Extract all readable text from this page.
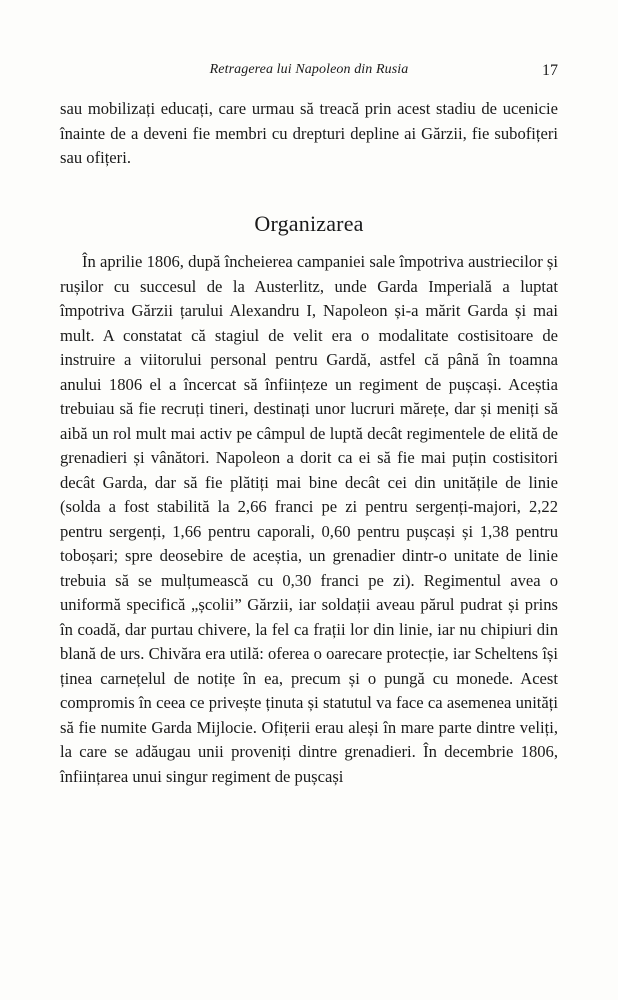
Retragerea lui Napoleon din Rusia	17

sau mobilizați educați, care urmau să treacă prin acest stadiu de ucenicie înainte de a deveni fie membri cu drepturi depline ai Gărzii, fie subofițeri sau ofițeri.

Organizarea

În aprilie 1806, după încheierea campaniei sale împotriva austriecilor și rușilor cu succesul de la Austerlitz, unde Garda Imperială a luptat împotriva Gărzii țarului Alexandru I, Napoleon și-a mărit Garda și mai mult. A constatat că stagiul de velit era o modalitate costisitoare de instruire a viitorului personal pentru Gardă, astfel că până în toamna anului 1806 el a încercat să înființeze un regiment de pușcași. Aceștia trebuiau să fie recruți tineri, destinați unor lucruri mărețe, dar și meniți să aibă un rol mult mai activ pe câmpul de luptă decât regimentele de elită de grenadieri și vânători. Napoleon a dorit ca ei să fie mai puțin costisitori decât Garda, dar să fie plătiți mai bine decât cei din unitățile de linie (solda a fost stabilită la 2,66 franci pe zi pentru sergenți-majori, 2,22 pentru sergenți, 1,66 pentru caporali, 0,60 pentru pușcași și 1,38 pentru toboșari; spre deosebire de aceștia, un grenadier dintr-o unitate de linie trebuia să se mulțumească cu 0,30 franci pe zi). Regimentul avea o uniformă specifică „școlii” Gărzii, iar soldații aveau părul pudrat și prins în coadă, dar purtau chivere, la fel ca frații lor din linie, iar nu chipiuri din blană de urs. Chivăra era utilă: oferea o oarecare protecție, iar Scheltens își ținea carnețelul de notițe în ea, precum și o pungă cu monede. Acest compromis în ceea ce privește ținuta și statutul va face ca asemenea unități să fie numite Garda Mijlocie. Ofițerii erau aleși în mare parte dintre veliți, la care se adăugau unii proveniți dintre grenadieri. În decembrie 1806, înființarea unui singur regiment de pușcași
